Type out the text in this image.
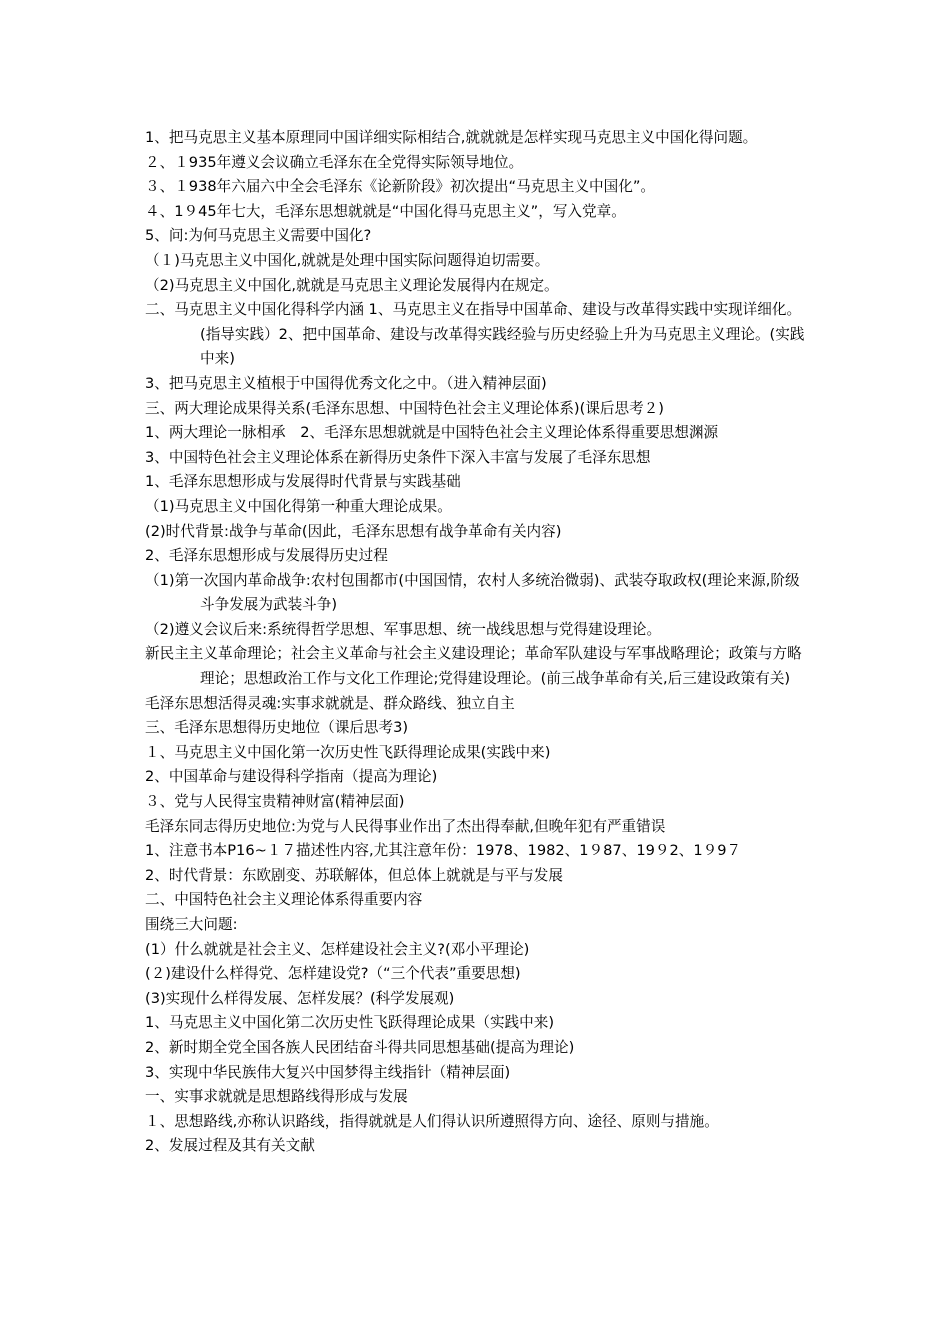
1、把马克思主义基本原理同中国详细实际相结合,就就就是怎样实现马克思主义中国化得问题。

２、１935年遵义会议确立毛泽东在全党得实际领导地位。

３、１938年六届六中全会毛泽东《论新阶段》初次提出“马克思主义中国化”。

４、1９45年七大，毛泽东思想就就是“中国化得马克思主义”，写入党章。

5、问:为何马克思主义需要中国化?

（１)马克思主义中国化,就就是处理中国实际问题得迫切需要。

（2)马克思主义中国化,就就是马克思主义理论发展得内在规定。

二、马克思主义中国化得科学内涵 1、马克思主义在指导中国革命、建设与改革得实践中实现详细化。(指导实践）2、把中国革命、建设与改革得实践经验与历史经验上升为马克思主义理论。(实践中来)

3、把马克思主义植根于中国得优秀文化之中。（进入精神层面)

三、两大理论成果得关系(毛泽东思想、中国特色社会主义理论体系)(课后思考２)

1、两大理论一脉相承　2、毛泽东思想就就是中国特色社会主义理论体系得重要思想渊源

3、中国特色社会主义理论体系在新得历史条件下深入丰富与发展了毛泽东思想

1、毛泽东思想形成与发展得时代背景与实践基础

（1)马克思主义中国化得第一种重大理论成果。

(2)时代背景:战争与革命(因此，毛泽东思想有战争革命有关内容)

2、毛泽东思想形成与发展得历史过程

（1)第一次国内革命战争:农村包围都市(中国国情，农村人多统治微弱)、武装夺取政权(理论来源,阶级斗争发展为武装斗争)

（2)遵义会议后来:系统得哲学思想、军事思想、统一战线思想与党得建设理论。

新民主主义革命理论；社会主义革命与社会主义建设理论；革命军队建设与军事战略理论；政策与方略理论；思想政治工作与文化工作理论;党得建设理论。(前三战争革命有关,后三建设政策有关)

毛泽东思想活得灵魂:实事求就就是、群众路线、独立自主

三、毛泽东思想得历史地位（课后思考3)

１、马克思主义中国化第一次历史性飞跃得理论成果(实践中来)

2、中国革命与建设得科学指南（提高为理论)

３、党与人民得宝贵精神财富(精神层面)

毛泽东同志得历史地位:为党与人民得事业作出了杰出得奉献,但晚年犯有严重错误

1、注意书本P16~１７描述性内容,尤其注意年份：1978、1982、1９87、19９2、1９9７

2、时代背景：东欧剧变、苏联解体，但总体上就就是与平与发展

二、中国特色社会主义理论体系得重要内容

围绕三大问题:

(1）什么就就是社会主义、怎样建设社会主义?(邓小平理论)

(２)建设什么样得党、怎样建设党?（“三个代表”重要思想)

(3)实现什么样得发展、怎样发展？(科学发展观)

1、马克思主义中国化第二次历史性飞跃得理论成果（实践中来)

2、新时期全党全国各族人民团结奋斗得共同思想基础(提高为理论)

3、实现中华民族伟大复兴中国梦得主线指针（精神层面)

一、实事求就就是思想路线得形成与发展

１、思想路线,亦称认识路线，指得就就是人们得认识所遵照得方向、途径、原则与措施。

2、发展过程及其有关文献
